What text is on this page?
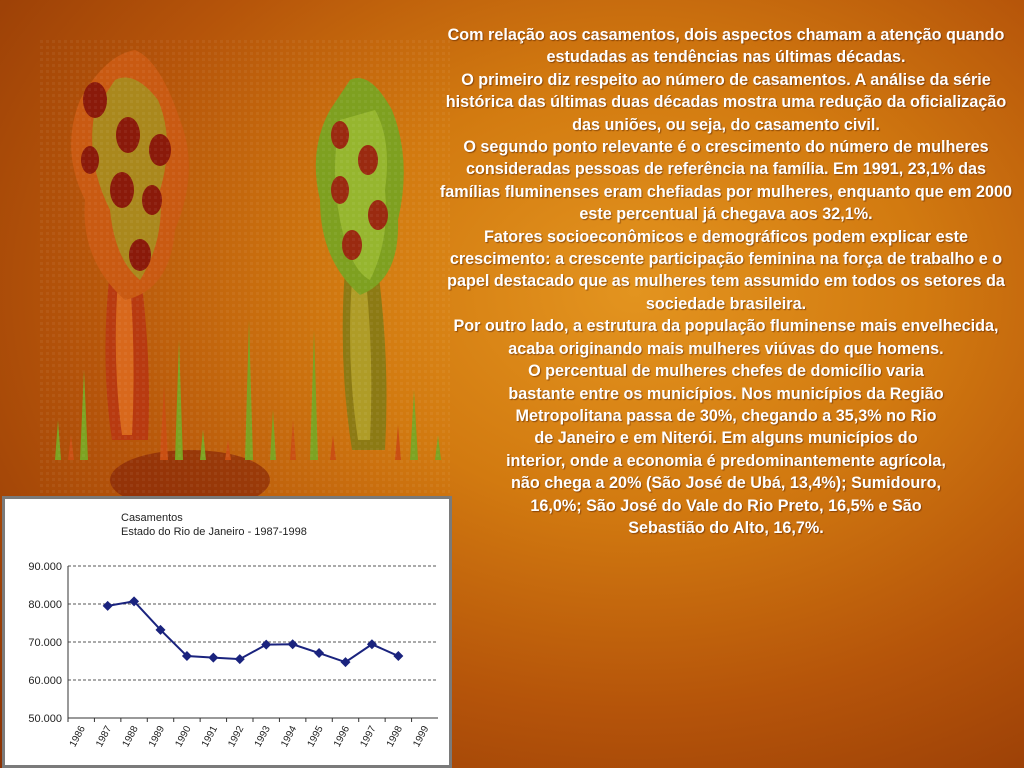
Com relação aos casamentos, dois aspectos chamam a atenção quando estudadas as tendências nas últimas décadas.

O primeiro diz respeito ao número de casamentos. A análise da série histórica das últimas duas décadas mostra uma redução da oficialização das uniões, ou seja, do casamento civil.

O segundo ponto relevante é o crescimento do número de mulheres consideradas pessoas de referência na família. Em 1991, 23,1% das famílias fluminenses eram chefiadas por mulheres, enquanto que em 2000 este percentual já chegava aos 32,1%.

Fatores socioeconômicos e demográficos podem explicar este crescimento: a crescente participação feminina na força de trabalho e o papel destacado que as mulheres tem assumido em todos os setores da sociedade brasileira.

Por outro lado, a estrutura da população fluminense mais envelhecida, acaba originando mais mulheres viúvas do que homens.

O percentual de mulheres chefes de domicílio varia bastante entre os municípios. Nos municípios da Região Metropolitana passa de 30%, chegando a 35,3% no Rio de Janeiro e em Niterói. Em alguns municípios do interior, onde a economia é predominantemente agrícola, não chega a 20% (São José de Ubá, 13,4%); Sumidouro, 16,0%; São José do Vale do Rio Preto, 16,5% e São Sebastião do Alto, 16,7%.

Casamentos
Estado do Rio de Janeiro - 1987-1998
50.000
60.000
70.000
80.000
90.000
1986 1987 1988 1989 1990 1991 1992 1993 1994 1995 1996 1997 1998 1999
